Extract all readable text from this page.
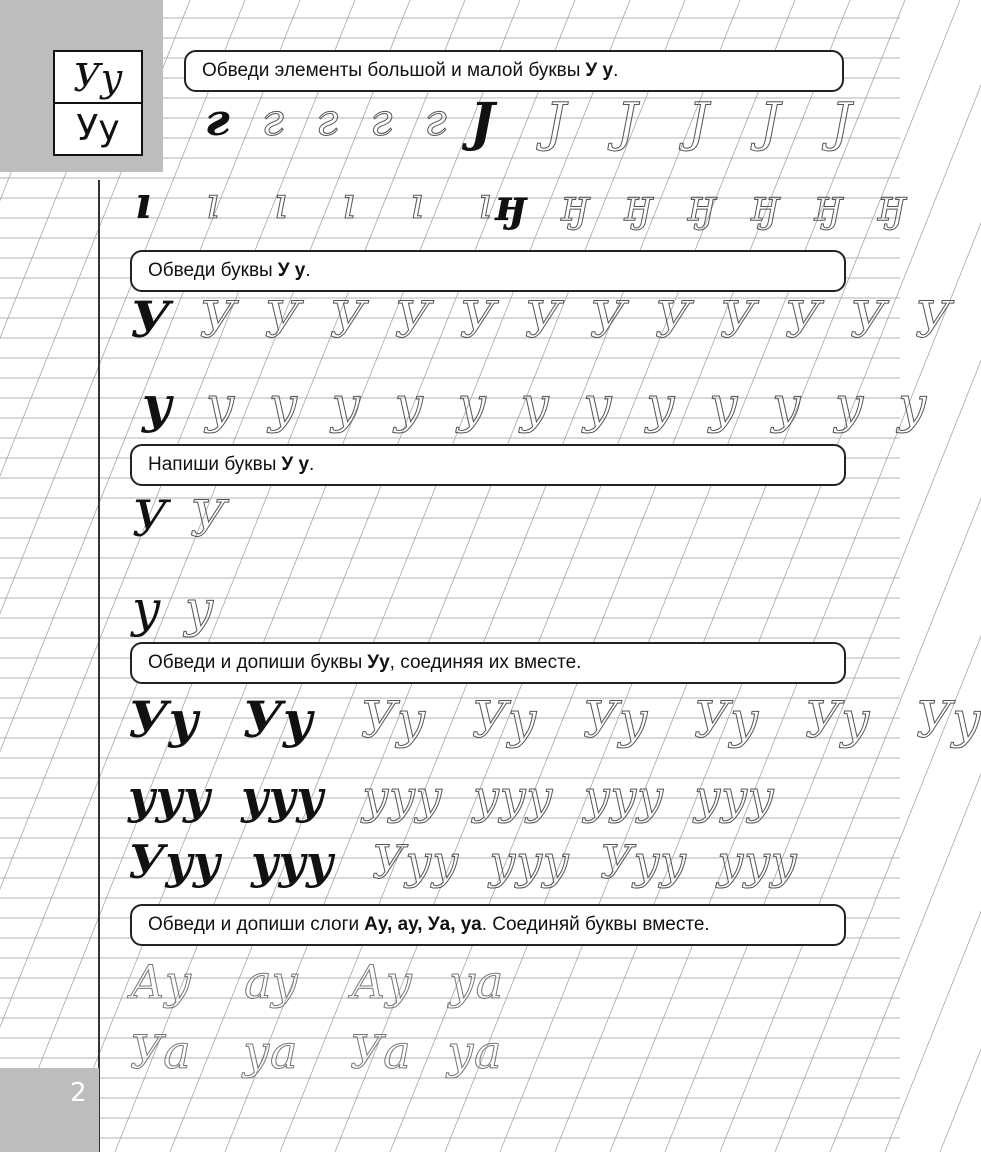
Уу
Уу
Обведи элементы большой и малой буквы У у .
Обведи буквы У у .
Напиши буквы У у .
Обведи и допиши буквы Уу , соединяя их вместе.
Обведи и допиши слоги Ау, ау, Уа, уа . Соединяй буквы вместе.
г г г г г J J J J J J
ı ı ı ı ı ı ӈ ӈ ӈ ӈ ӈ ӈ ӈ
У У У У У У У У У У У У У
у у у у у у у у у у у у у
У У
у у
Уу Уу Уу Уу Уу Уу Уу Уу
ууу ууу ууу ууу ууу ууу
Ууу ууу Ууу ууу Ууу ууу
Ау ау Ау уа
Уа уа Уа уа
2
